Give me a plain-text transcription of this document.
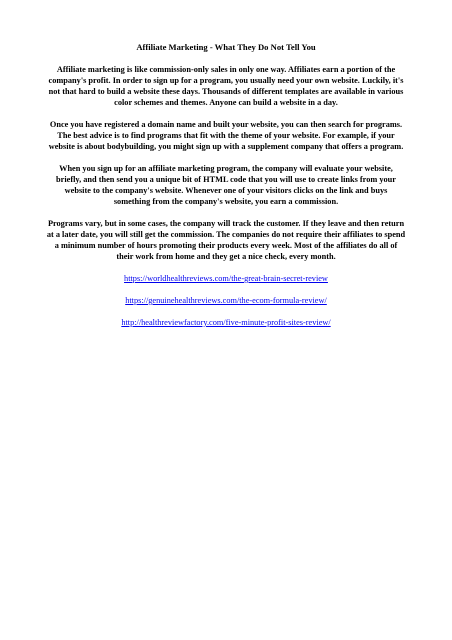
Affiliate Marketing - What They Do Not Tell You

Affiliate marketing is like commission-only sales in only one way. Affiliates earn a portion of the company's profit. In order to sign up for a program, you usually need your own website. Luckily, it's not that hard to build a website these days. Thousands of different templates are available in various color schemes and themes. Anyone can build a website in a day.

Once you have registered a domain name and built your website, you can then search for programs. The best advice is to find programs that fit with the theme of your website. For example, if your website is about bodybuilding, you might sign up with a supplement company that offers a program.

When you sign up for an affiliate marketing program, the company will evaluate your website, briefly, and then send you a unique bit of HTML code that you will use to create links from your website to the company's website. Whenever one of your visitors clicks on the link and buys something from the company's website, you earn a commission.

Programs vary, but in some cases, the company will track the customer. If they leave and then return at a later date, you will still get the commission. The companies do not require their affiliates to spend a minimum number of hours promoting their products every week. Most of the affiliates do all of their work from home and they get a nice check, every month.

https://worldhealthreviews.com/the-great-brain-secret-review
https://genuinehealthreviews.com/the-ecom-formula-review/
http://healthreviewfactory.com/five-minute-profit-sites-review/
